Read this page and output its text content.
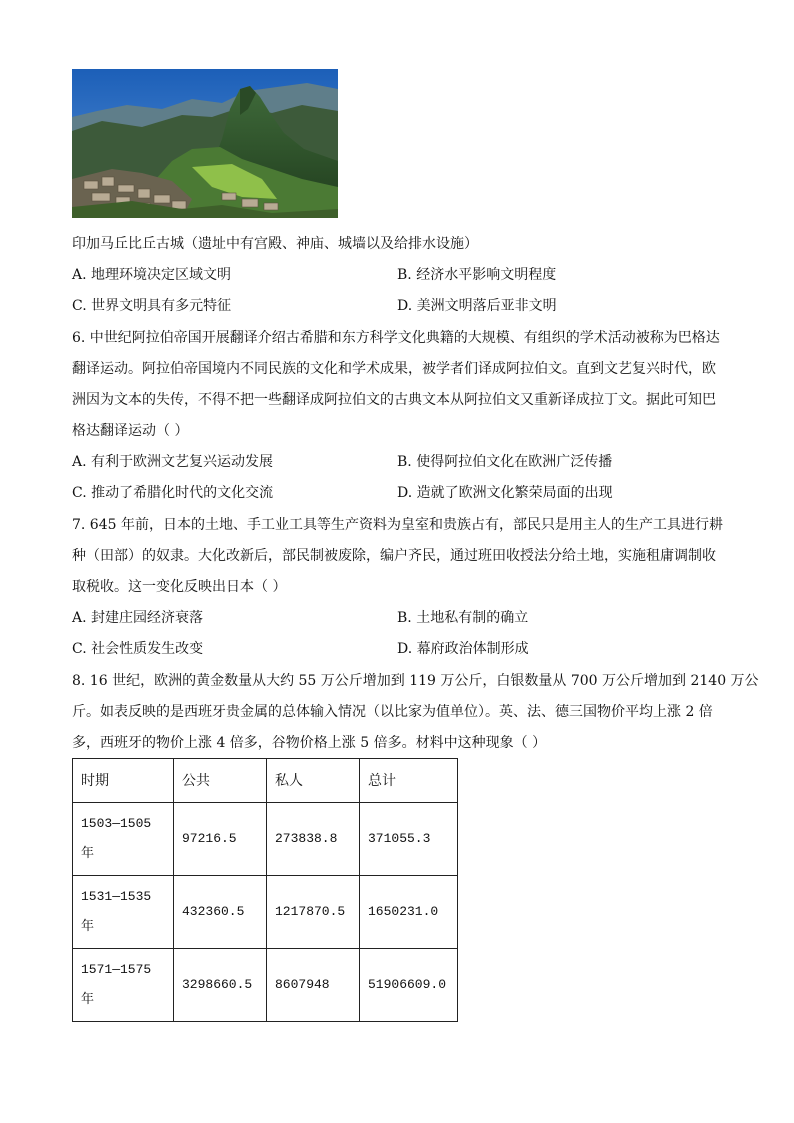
印加马丘比丘古城（遗址中有宫殿、神庙、城墙以及给排水设施）
A. 地理环境决定区域文明	B. 经济水平影响文明程度
C. 世界文明具有多元特征	D. 美洲文明落后亚非文明
6. 中世纪阿拉伯帝国开展翻译介绍古希腊和东方科学文化典籍的大规模、有组织的学术活动被称为巴格达
翻译运动。阿拉伯帝国境内不同民族的文化和学术成果，被学者们译成阿拉伯文。直到文艺复兴时代，欧
洲因为文本的失传，不得不把一些翻译成阿拉伯文的古典文本从阿拉伯文又重新译成拉丁文。据此可知巴
格达翻译运动（ ）
A. 有利于欧洲文艺复兴运动发展	B. 使得阿拉伯文化在欧洲广泛传播
C. 推动了希腊化时代的文化交流	D. 造就了欧洲文化繁荣局面的出现
7. 645 年前，日本的土地、手工业工具等生产资料为皇室和贵族占有，部民只是用主人的生产工具进行耕
种（田部）的奴隶。大化改新后，部民制被废除，编户齐民，通过班田收授法分给土地，实施租庸调制收
取税收。这一变化反映出日本（ ）
A. 封建庄园经济衰落	B. 土地私有制的确立
C. 社会性质发生改变	D. 幕府政治体制形成
8. 16 世纪，欧洲的黄金数量从大约 55 万公斤增加到 119 万公斤，白银数量从 700 万公斤增加到 2140 万公
斤。如表反映的是西班牙贵金属的总体输入情况（以比家为值单位）。英、法、德三国物价平均上涨 2 倍
多，西班牙的物价上涨 4 倍多，谷物价格上涨 5 倍多。材料中这种现象（ ）
时期	公共	私人	总计

1503—1505
年	97216.5	273838.8	371055.3

1531—1535
年	432360.5	1217870.5	1650231.0

1571—1575
年	3298660.5	8607948	51906609.0
